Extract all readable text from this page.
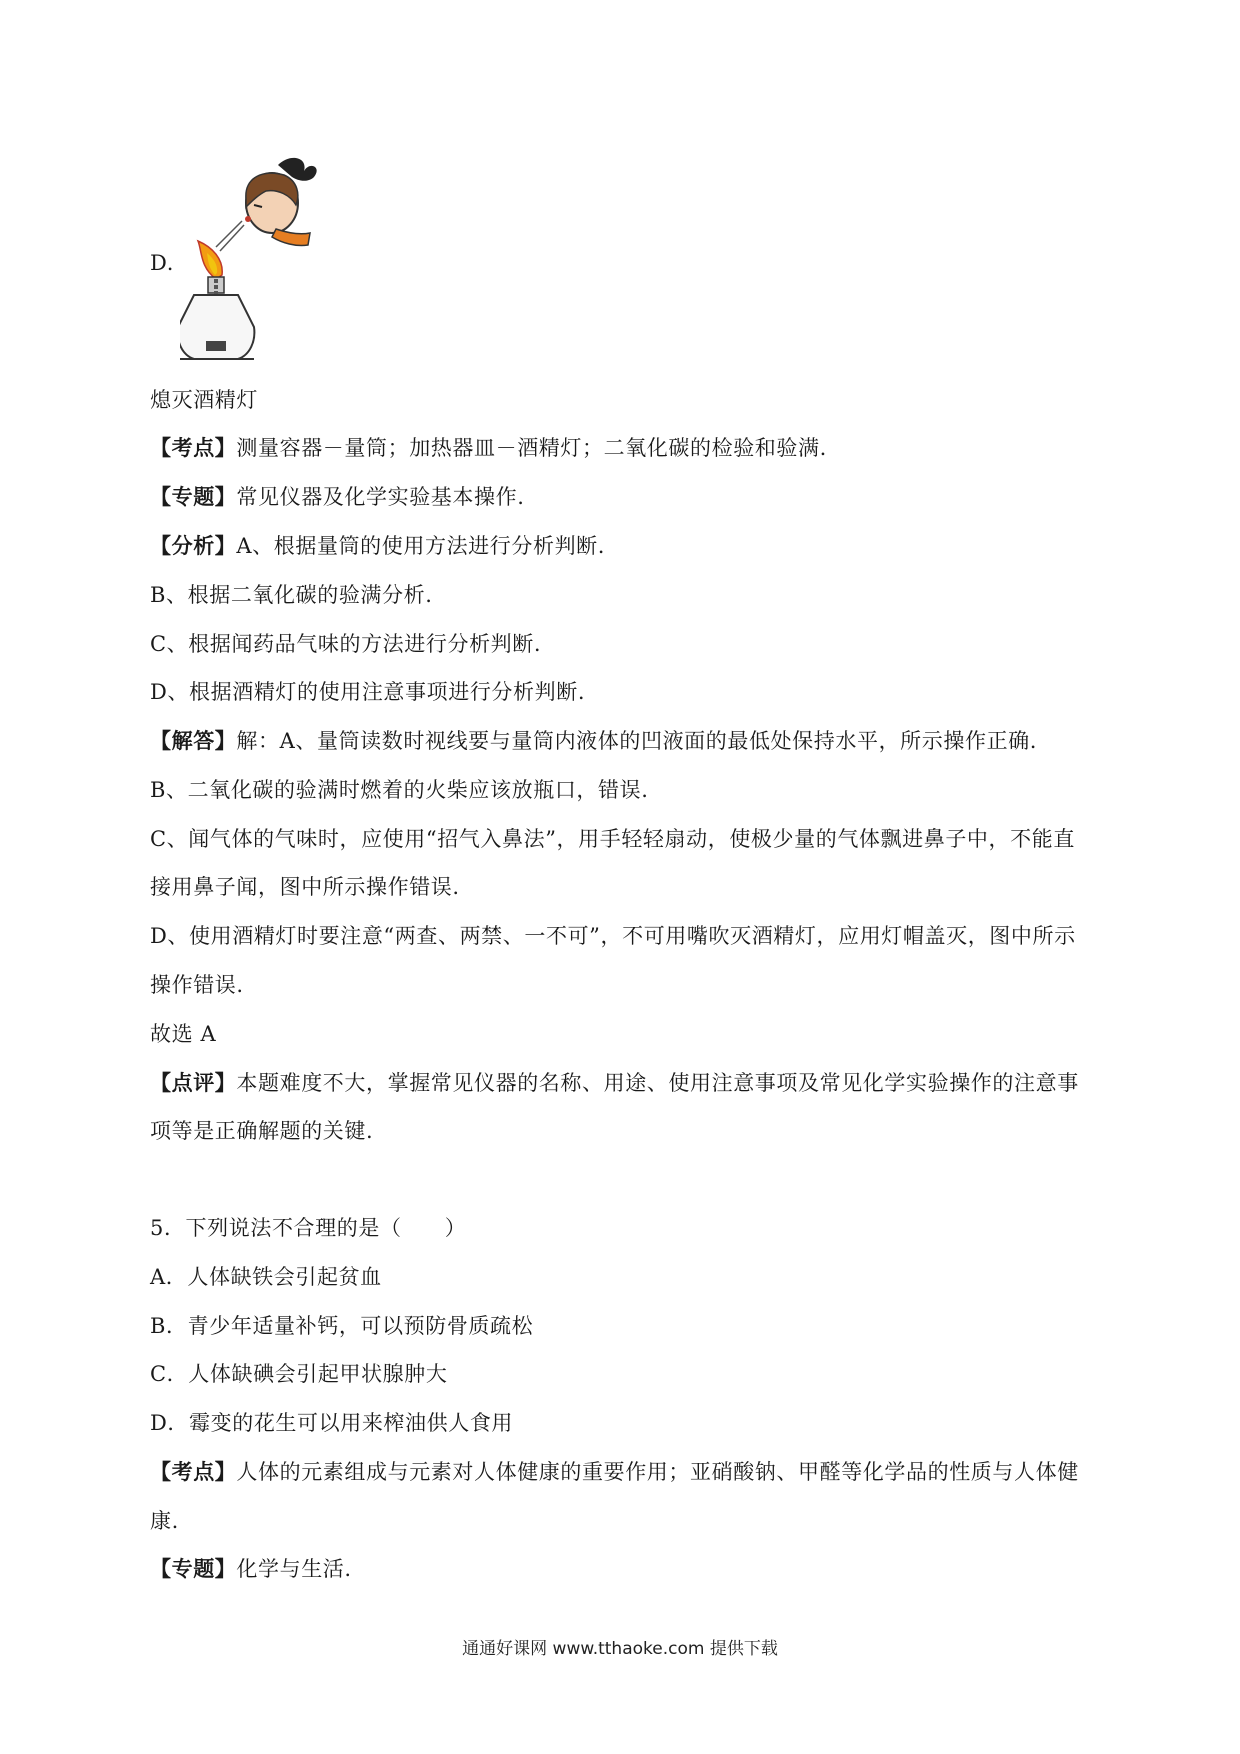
D.
熄灭酒精灯
【考点】测量容器－量筒；加热器皿－酒精灯；二氧化碳的检验和验满.
【专题】常见仪器及化学实验基本操作.
【分析】A、根据量筒的使用方法进行分析判断.
B、根据二氧化碳的验满分析.
C、根据闻药品气味的方法进行分析判断.
D、根据酒精灯的使用注意事项进行分析判断.
【解答】解：A、量筒读数时视线要与量筒内液体的凹液面的最低处保持水平，所示操作正确.
B、二氧化碳的验满时燃着的火柴应该放瓶口，错误.
C、闻气体的气味时，应使用“招气入鼻法”，用手轻轻扇动，使极少量的气体飘进鼻子中，不能直
接用鼻子闻，图中所示操作错误.
D、使用酒精灯时要注意“两查、两禁、一不可”，不可用嘴吹灭酒精灯，应用灯帽盖灭，图中所示
操作错误.
故选 A
【点评】本题难度不大，掌握常见仪器的名称、用途、使用注意事项及常见化学实验操作的注意事
项等是正确解题的关键.
5．下列说法不合理的是（　　）
A．人体缺铁会引起贫血
B．青少年适量补钙，可以预防骨质疏松
C．人体缺碘会引起甲状腺肿大
D．霉变的花生可以用来榨油供人食用
【考点】人体的元素组成与元素对人体健康的重要作用；亚硝酸钠、甲醛等化学品的性质与人体健
康.
【专题】化学与生活.
通通好课网 www.tthaoke.com 提供下载
